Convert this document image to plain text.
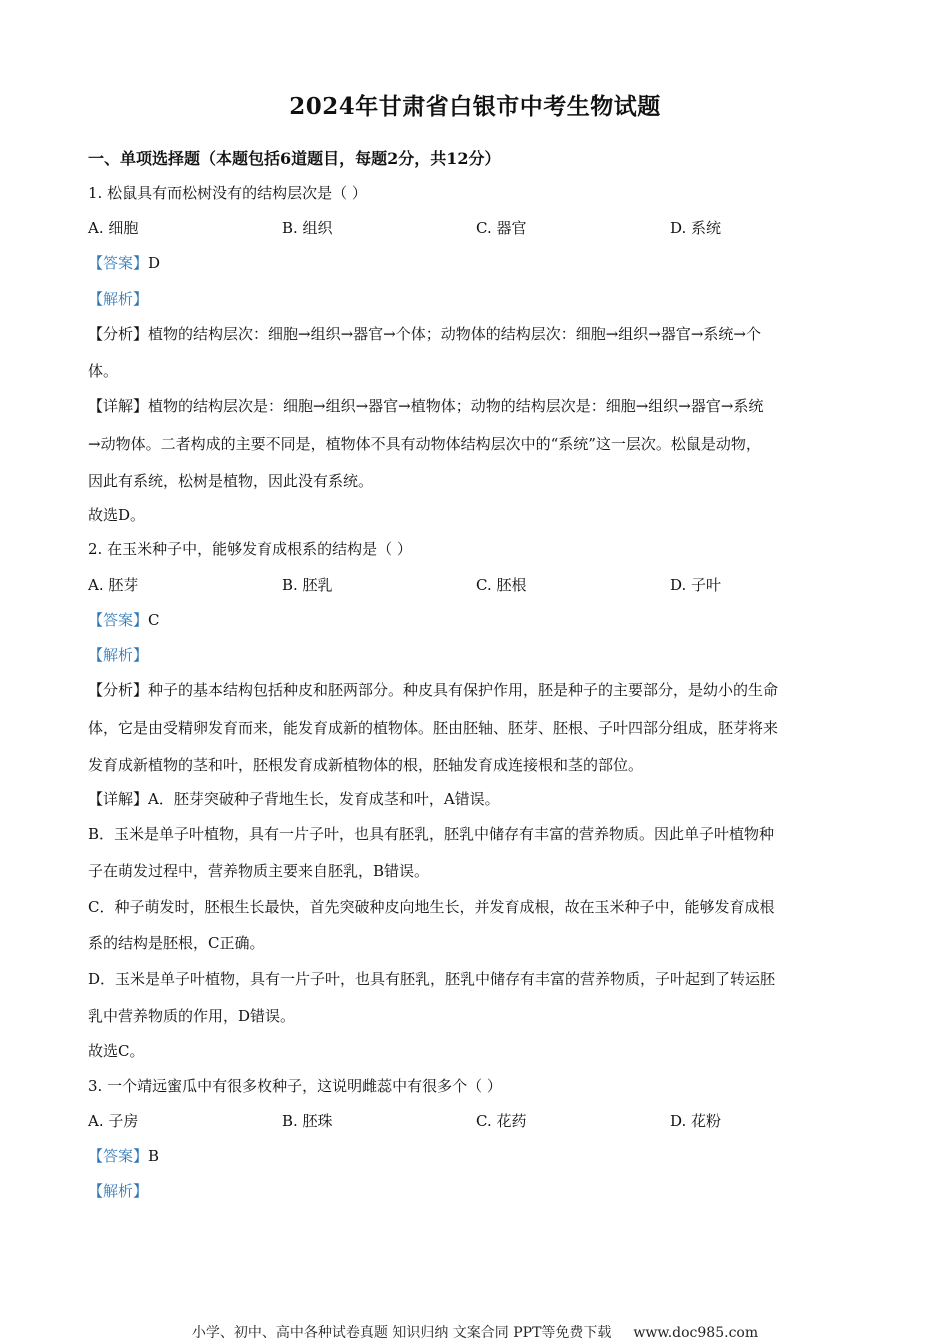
2024年甘肃省白银市中考生物试题
一、单项选择题（本题包括6道题目，每题2分，共12分）
1. 松鼠具有而松树没有的结构层次是（ ）
A. 细胞	B. 组织	C. 器官	D. 系统
【答案】D
【解析】
【分析】植物的结构层次：细胞→组织→器官→个体；动物体的结构层次：细胞→组织→器官→系统→个
体。
【详解】植物的结构层次是：细胞→组织→器官→植物体；动物的结构层次是：细胞→组织→器官→系统
→动物体。二者构成的主要不同是，植物体不具有动物体结构层次中的“系统”这一层次。松鼠是动物，
因此有系统，松树是植物，因此没有系统。
故选D。
2. 在玉米种子中，能够发育成根系的结构是（ ）
A. 胚芽	B. 胚乳	C. 胚根	D. 子叶
【答案】C
【解析】
【分析】种子的基本结构包括种皮和胚两部分。种皮具有保护作用，胚是种子的主要部分，是幼小的生命
体，它是由受精卵发育而来，能发育成新的植物体。胚由胚轴、胚芽、胚根、子叶四部分组成，胚芽将来
发育成新植物的茎和叶，胚根发育成新植物体的根，胚轴发育成连接根和茎的部位。
【详解】A．胚芽突破种子背地生长，发育成茎和叶，A错误。
B．玉米是单子叶植物，具有一片子叶，也具有胚乳，胚乳中储存有丰富的营养物质。因此单子叶植物种
子在萌发过程中，营养物质主要来自胚乳，B错误。
C．种子萌发时，胚根生长最快，首先突破种皮向地生长，并发育成根，故在玉米种子中，能够发育成根
系的结构是胚根，C正确。
D．玉米是单子叶植物，具有一片子叶，也具有胚乳，胚乳中储存有丰富的营养物质，子叶起到了转运胚
乳中营养物质的作用，D错误。
故选C。
3. 一个靖远蜜瓜中有很多枚种子，这说明雌蕊中有很多个（ ）
A. 子房	B. 胚珠	C. 花药	D. 花粉
【答案】B
【解析】
小学、初中、高中各种试卷真题 知识归纳 文案合同 PPT等免费下载 www.doc985.com
